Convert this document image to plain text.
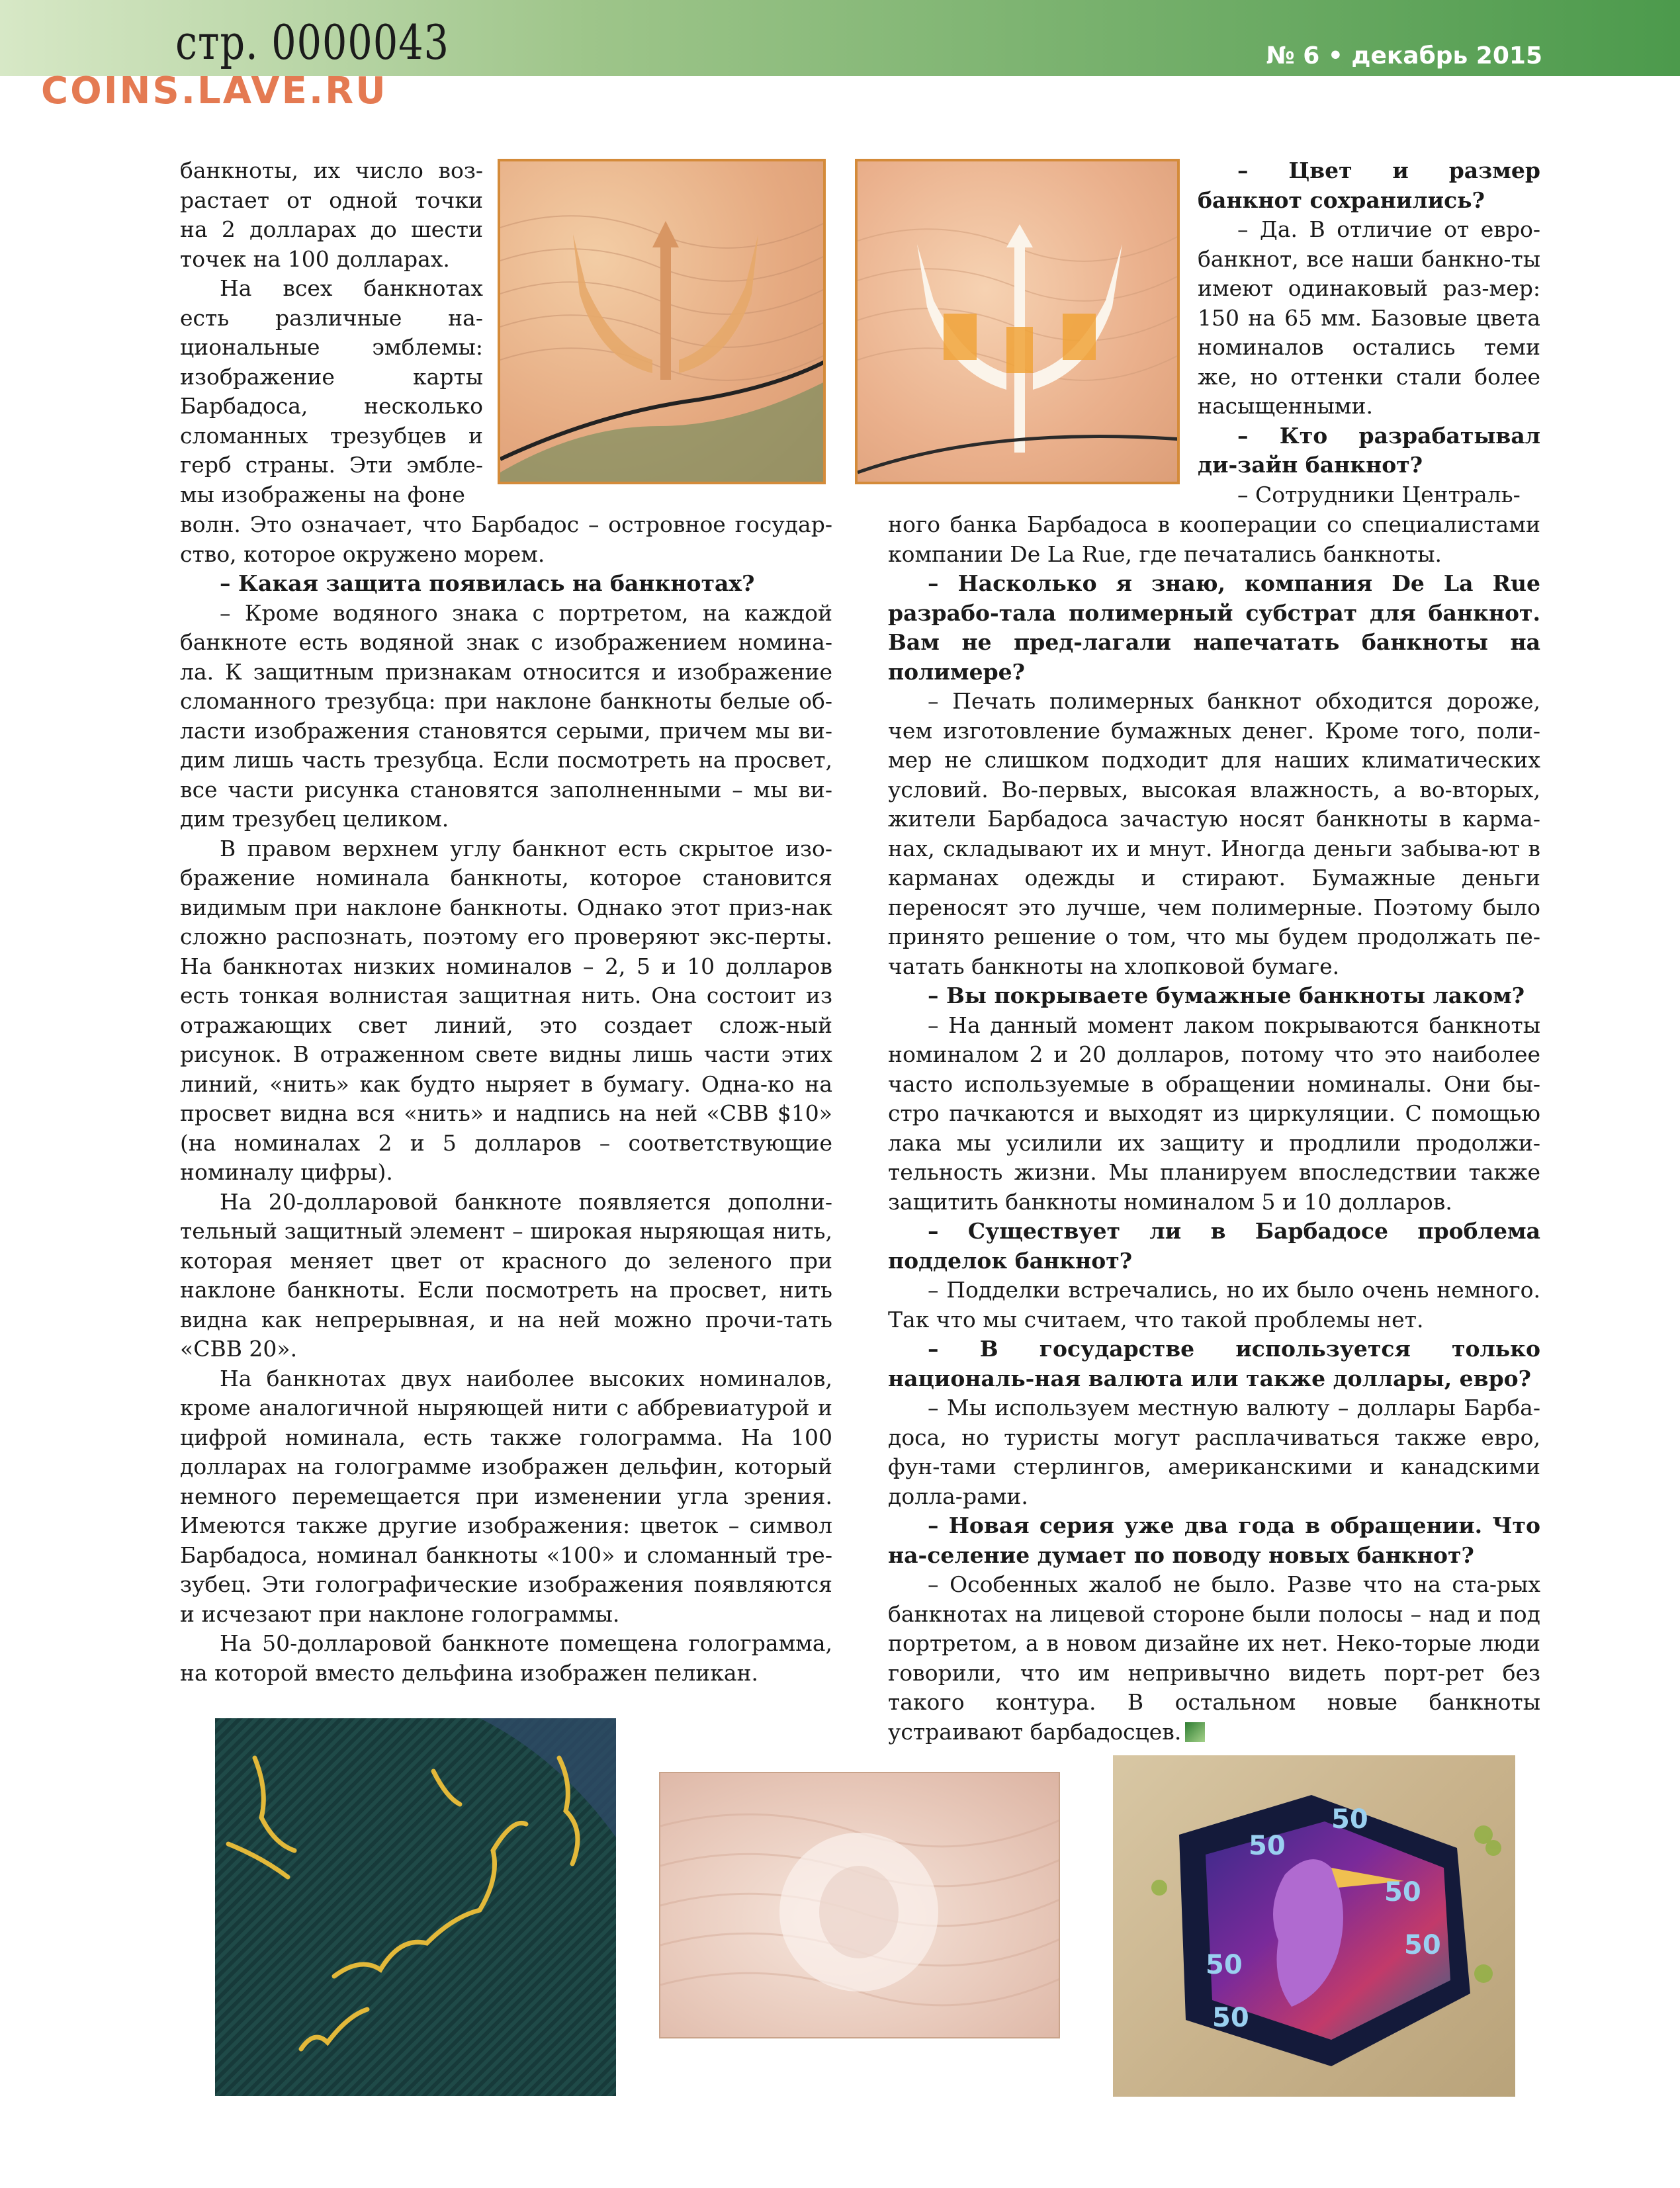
стр. 0000043
COINS.LAVE.RU
№ 6 • декабрь 2015

банкноты, их число воз-растает от одной точки на 2 долларах до шести точек на 100 долларах.

На всех банкнотах есть различные на-циональные эмблемы: изображение карты Барбадоса, несколько сломанных трезубцев и герб страны. Эти эмбле-мы изображены на фоне

волн. Это означает, что Барбадос – островное государ-ство, которое окружено морем.

– Какая защита появилась на банкнотах?

– Кроме водяного знака с портретом, на каждой банкноте есть водяной знак с изображением номина-ла. К защитным признакам относится и изображение сломанного трезубца: при наклоне банкноты белые об-ласти изображения становятся серыми, причем мы ви-дим лишь часть трезубца. Если посмотреть на просвет, все части рисунка становятся заполненными – мы ви-дим трезубец целиком.

В правом верхнем углу банкнот есть скрытое изо-бражение номинала банкноты, которое становится видимым при наклоне банкноты. Однако этот приз-нак сложно распознать, поэтому его проверяют экс-перты. На банкнотах низких номиналов – 2, 5 и 10 долларов есть тонкая волнистая защитная нить. Она состоит из отражающих свет линий, это создает слож-ный рисунок. В отраженном свете видны лишь части этих линий, «нить» как будто ныряет в бумагу. Одна-ко на просвет видна вся «нить» и надпись на ней «CBB $10» (на номиналах 2 и 5 долларов – соответствующие номиналу цифры).

На 20-долларовой банкноте появляется дополни-тельный защитный элемент – широкая ныряющая нить, которая меняет цвет от красного до зеленого при наклоне банкноты. Если посмотреть на просвет, нить видна как непрерывная, и на ней можно прочи-тать «CBB 20».

На банкнотах двух наиболее высоких номиналов, кроме аналогичной ныряющей нити с аббревиатурой и цифрой номинала, есть также голограмма. На 100 долларах на голограмме изображен дельфин, который немного перемещается при изменении угла зрения. Имеются также другие изображения: цветок – символ Барбадоса, номинал банкноты «100» и сломанный тре-зубец. Эти голографические изображения появляются и исчезают при наклоне голограммы.

На 50-долларовой банкноте помещена голограмма, на которой вместо дельфина изображен пеликан.

– Цвет и размер банкнот сохранились?

– Да. В отличие от евро-банкнот, все наши банкно-ты имеют одинаковый раз-мер: 150 на 65 мм. Базовые цвета номиналов остались теми же, но оттенки стали более насыщенными.

– Кто разрабатывал ди-зайн банкнот?

– Сотрудники Централь-

ного банка Барбадоса в кооперации со специалистами компании De La Rue, где печатались банкноты.

– Насколько я знаю, компания De La Rue разрабо-тала полимерный субстрат для банкнот. Вам не пред-лагали напечатать банкноты на полимере?

– Печать полимерных банкнот обходится дороже, чем изготовление бумажных денег. Кроме того, поли-мер не слишком подходит для наших климатических условий. Во-первых, высокая влажность, а во-вторых, жители Барбадоса зачастую носят банкноты в карма-нах, складывают их и мнут. Иногда деньги забыва-ют в карманах одежды и стирают. Бумажные деньги переносят это лучше, чем полимерные. Поэтому было принято решение о том, что мы будем продолжать пе-чатать банкноты на хлопковой бумаге.

– Вы покрываете бумажные банкноты лаком?

– На данный момент лаком покрываются банкноты номиналом 2 и 20 долларов, потому что это наиболее часто используемые в обращении номиналы. Они бы-стро пачкаются и выходят из циркуляции. С помощью лака мы усилили их защиту и продлили продолжи-тельность жизни. Мы планируем впоследствии также защитить банкноты номиналом 5 и 10 долларов.

– Существует ли в Барбадосе проблема подделок банкнот?

– Подделки встречались, но их было очень немного. Так что мы считаем, что такой проблемы нет.

– В государстве используется только националь-ная валюта или также доллары, евро?

– Мы используем местную валюту – доллары Барба-доса, но туристы могут расплачиваться также евро, фун-тами стерлингов, американскими и канадскими долла-рами.

– Новая серия уже два года в обращении. Что на-селение думает по поводу новых банкнот?

– Особенных жалоб не было. Разве что на ста-рых банкнотах на лицевой стороне были полосы – над и под портретом, а в новом дизайне их нет. Неко-торые люди говорили, что им непривычно видеть порт-рет без такого контура. В остальном новые банкноты устраивают барбадосцев.

50
50
50
50
50
50
